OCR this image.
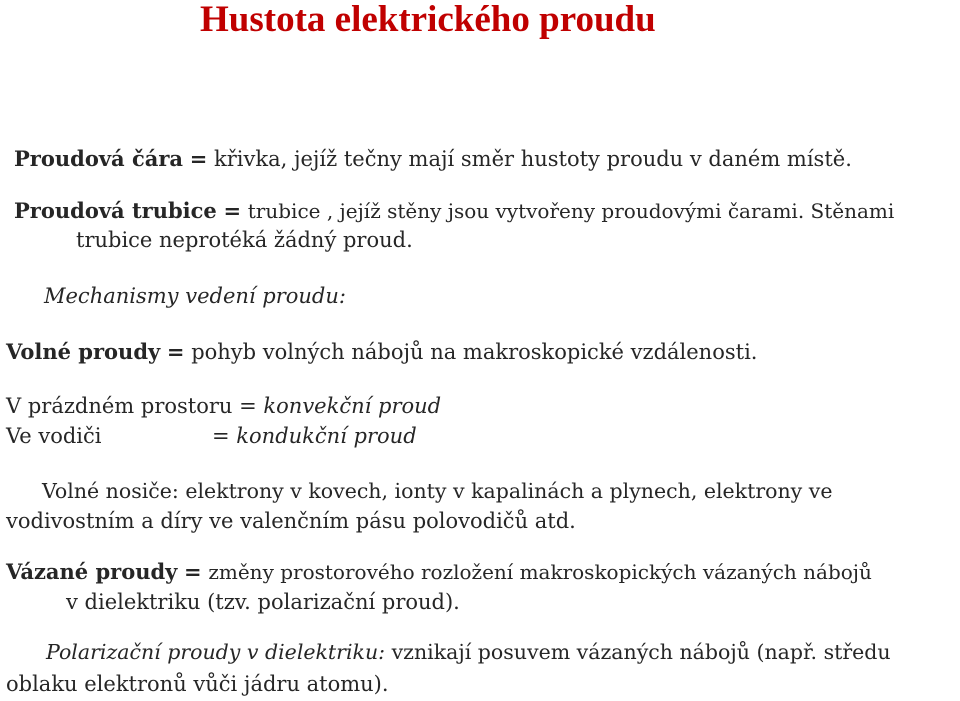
Hustota elektrického proudu
Proudová čára = křivka, jejíž tečny mají směr hustoty proudu v daném místě.
Proudová trubice = trubice , jejíž stěny jsou vytvořeny proudovými čarami. Stěnami
trubice neprotéká žádný proud.
Mechanismy vedení proudu:
Volné proudy = pohyb volných nábojů na makroskopické vzdálenosti.
V prázdném prostoru = konvekční proud
Ve vodiči	= kondukční proud
Volné nosiče: elektrony v kovech, ionty v kapalinách a plynech, elektrony ve
vodivostním a díry ve valenčním pásu polovodičů atd.
Vázané proudy = změny prostorového rozložení makroskopických vázaných nábojů
v dielektriku (tzv. polarizační proud).
Polarizační proudy v dielektriku: vznikají posuvem vázaných nábojů (např. středu
oblaku elektronů vůči jádru atomu).
